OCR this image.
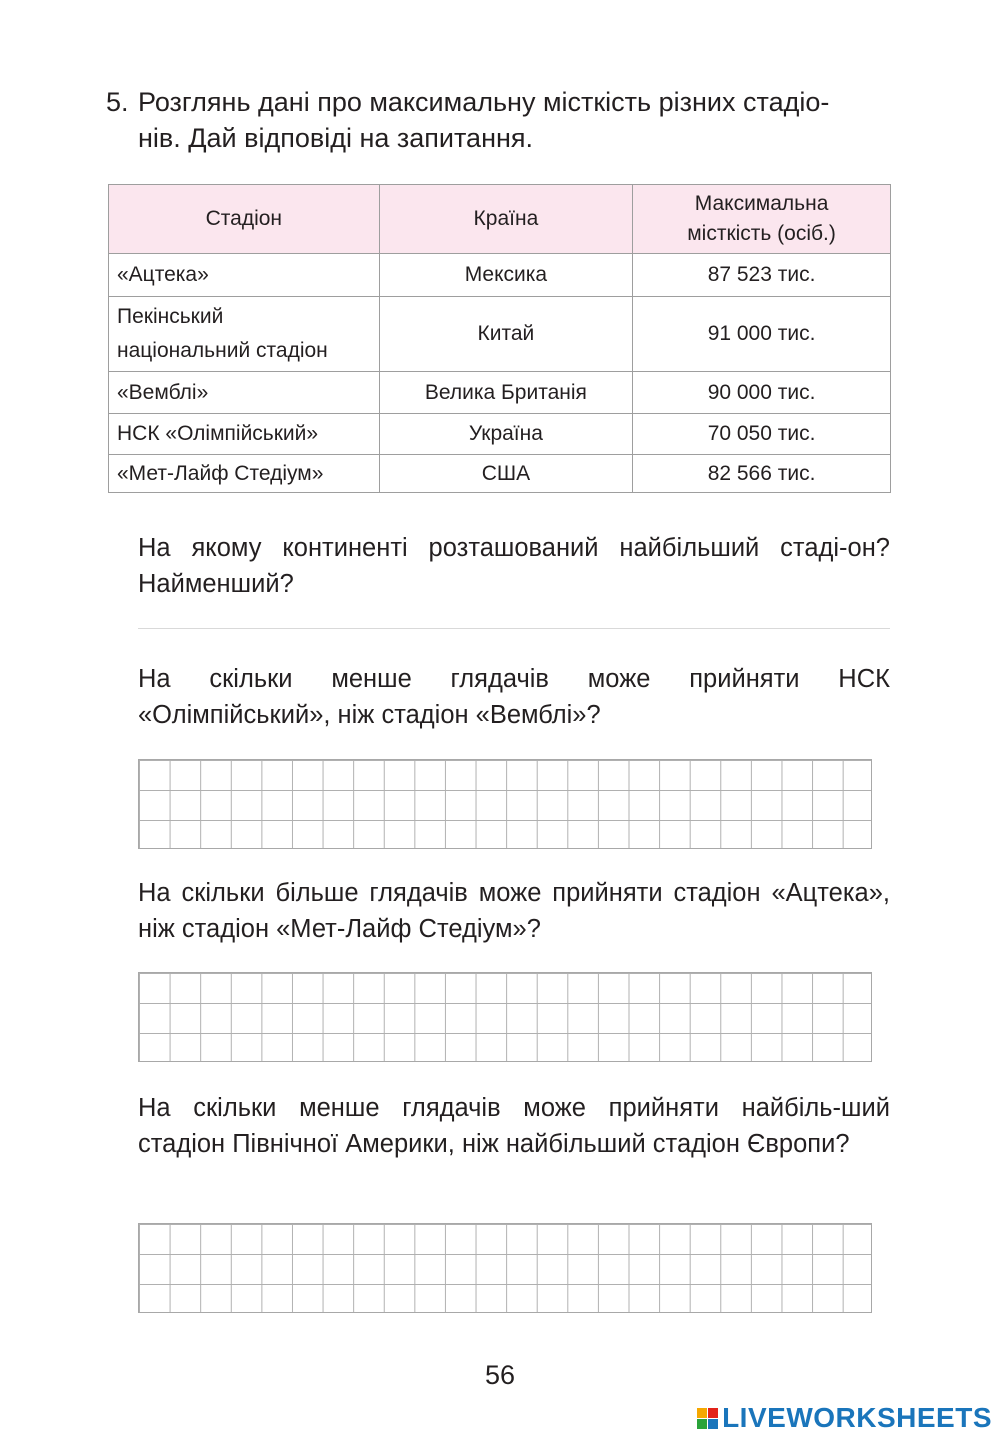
5. Розглянь дані про максимальну місткість різних стадіо-
нів. Дай відповіді на запитання.
Стадіон	Країна	Максимальна місткість (осіб.)
«Ацтека»	Мексика	87 523 тис.
Пекінський національний стадіон	Китай	91 000 тис.
«Вемблі»	Велика Британія	90 000 тис.
НСК «Олімпійський»	Україна	70 050 тис.
«Мет-Лайф Стедіум»	США	82 566 тис.
На якому континенті розташований найбільший стаді-он? Найменший?
На скільки менше глядачів може прийняти НСК «Олімпійський», ніж стадіон «Вемблі»?
На скільки більше глядачів може прийняти стадіон «Ацтека», ніж стадіон «Мет-Лайф Стедіум»?
На скільки менше глядачів може прийняти найбіль-ший стадіон Північної Америки, ніж найбільший стадіон Європи?
56
LIVEWORKSHEETS
